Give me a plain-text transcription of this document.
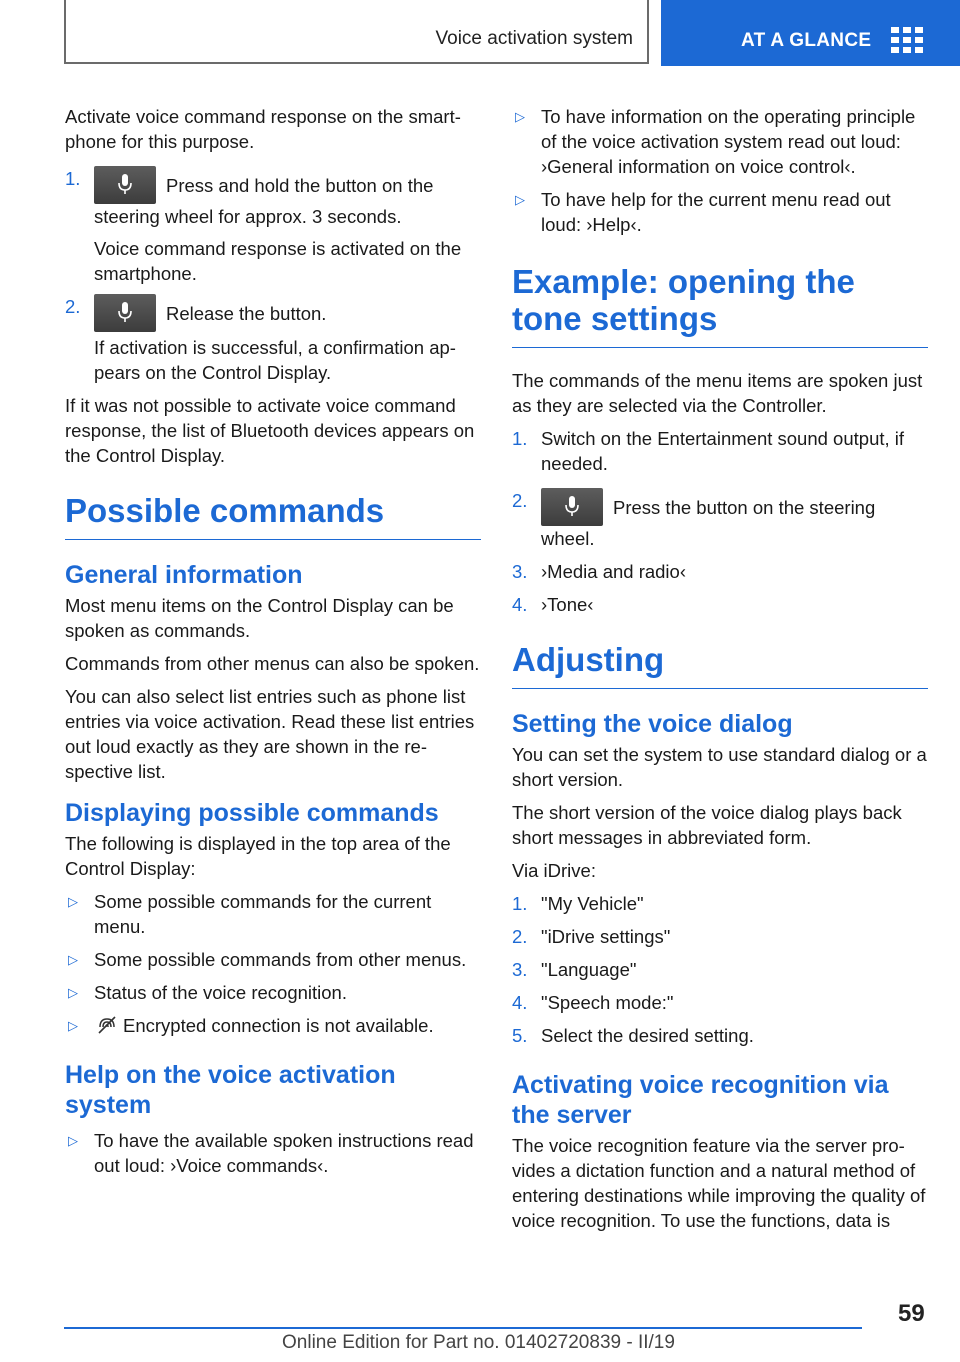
Voice activation system	AT A GLANCE

Activate voice command response on the smartphone for this purpose.

1.	Press and hold the button on the steering wheel for approx. 3 seconds.

Voice command response is activated on the smartphone.

2.	Release the button.

If activation is successful, a confirmation appears on the Control Display.

If it was not possible to activate voice command response, the list of Bluetooth devices appears on the Control Display.

Possible commands
General information

Most menu items on the Control Display can be spoken as commands.

Commands from other menus can also be spoken.

You can also select list entries such as phone list entries via voice activation. Read these list entries out loud exactly as they are shown in the respective list.

Displaying possible commands

The following is displayed in the top area of the Control Display:

▷ Some possible commands for the current menu.
▷ Some possible commands from other menus.
▷ Status of the voice recognition.
▷ Encrypted connection is not available.
Help on the voice activation system
▷ To have the available spoken instructions read out loud: ›Voice commands‹.
▷ To have information on the operating principle of the voice activation system read out loud: ›General information on voice control‹.
▷ To have help for the current menu read out loud: ›Help‹.
Example: opening the tone settings

The commands of the menu items are spoken just as they are selected via the Controller.

1. Switch on the Entertainment sound output, if needed.
2.	Press the button on the steering wheel.
3. ›Media and radio‹
4. ›Tone‹
Adjusting
Setting the voice dialog

You can set the system to use standard dialog or a short version.

The short version of the voice dialog plays back short messages in abbreviated form.

Via iDrive:

1. "My Vehicle"
2. "iDrive settings"
3. "Language"
4. "Speech mode:"
5. Select the desired setting.
Activating voice recognition via the server

The voice recognition feature via the server provides a dictation function and a natural method of entering destinations while improving the quality of voice recognition. To use the functions, data is

59
Online Edition for Part no. 01402720839 - II/19
